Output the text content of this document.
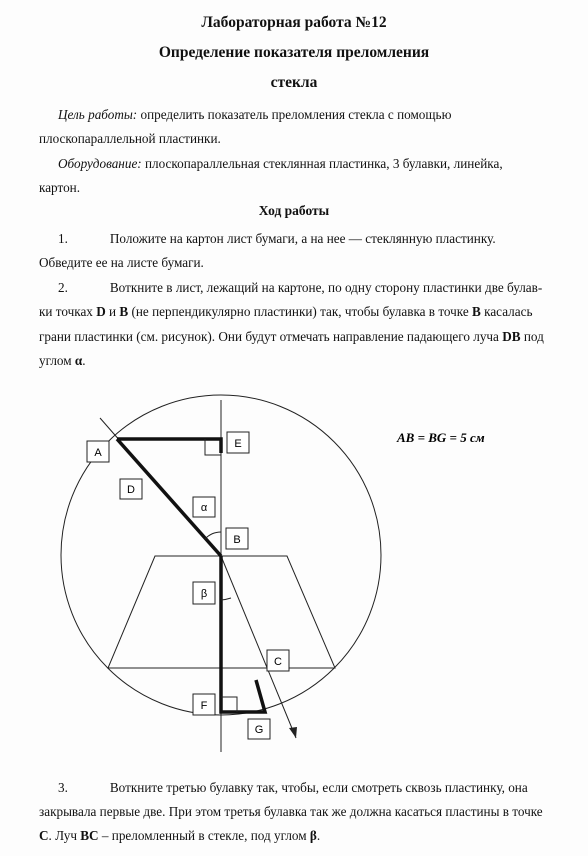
Лабораторная работа №12
Определение показателя преломления
стекла
Цель работы: определить показатель преломления стекла с помощью
плоскопараллельной пластинки.
Оборудование: плоскопараллельная стеклянная пластинка, 3 булавки, линейка,
картон.
Ход работы
1.	Положите на картон лист бумаги, а на нее — стеклянную пластинку.
Обведите ее на листе бумаги.
2.	Воткните в лист, лежащий на картоне, по одну сторону пластинки две булав-
ки точках D и B (не перпендикулярно пластинки) так, чтобы булавка в точке B касалась
грани пластинки (см. рисунок). Они будут отмечать направление падающего луча DB под
углом α.
A
D
E
α
B
β
C
F
G
AB = BG = 5 см
3.	Воткните третью булавку так, чтобы, если смотреть сквозь пластинку, она
закрывала первые две. При этом третья булавка так же должна касаться пластины в точке
C. Луч BC – преломленный в стекле, под углом β.
